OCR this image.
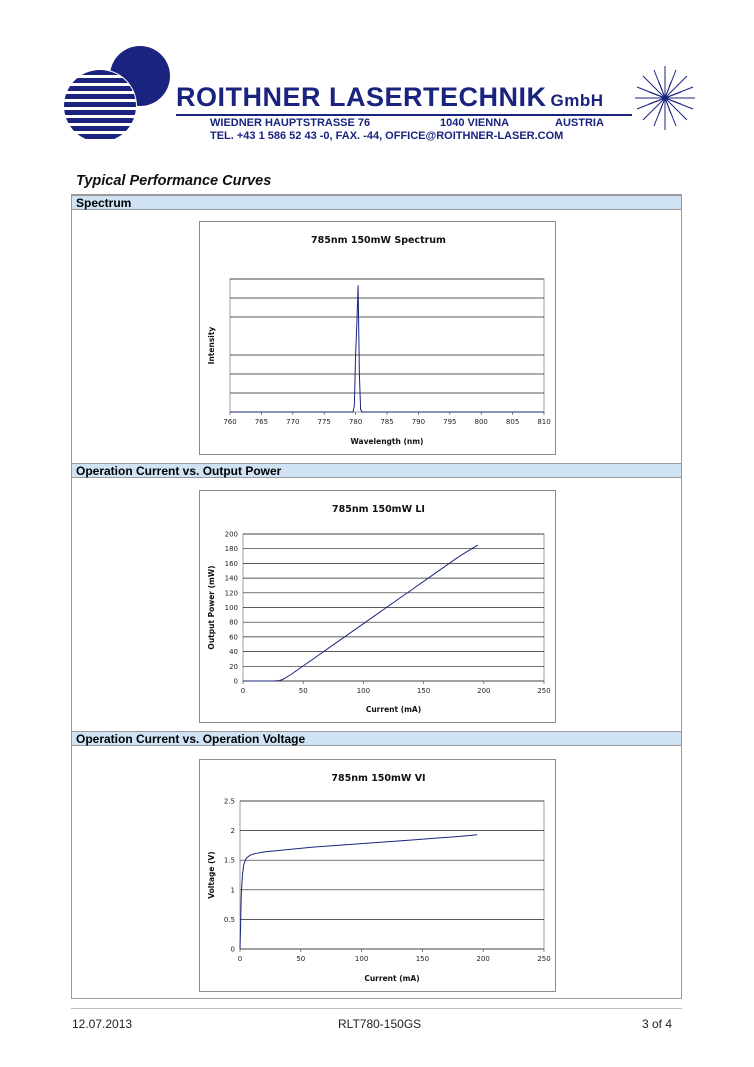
ROITHNER LASERTECHNIK GmbH
WIEDNER HAUPTSTRASSE 76	1040 VIENNA	AUSTRIA
TEL. +43 1 586 52 43 -0, FAX. -44, OFFICE@ROITHNER-LASER.COM
Typical Performance Curves
Spectrum
Operation Current vs. Output Power
Operation Current vs. Operation Voltage
785nm 150mW Spectrum
760	765	770	775	780	785	790	795	800	805	810
Wavelength (nm)
Intensity
785nm 150mW LI
0
20
40
60
80
100
120
140
160
180
200
0	50	100	150	200	250
Current (mA)
Output Power (mW)
785nm 150mW VI
0
0.5
1
1.5
2
2.5
0	50	100	150	200	250
Current (mA)
Voltage (V)
12.07.2013	RLT780-150GS	3 of 4
